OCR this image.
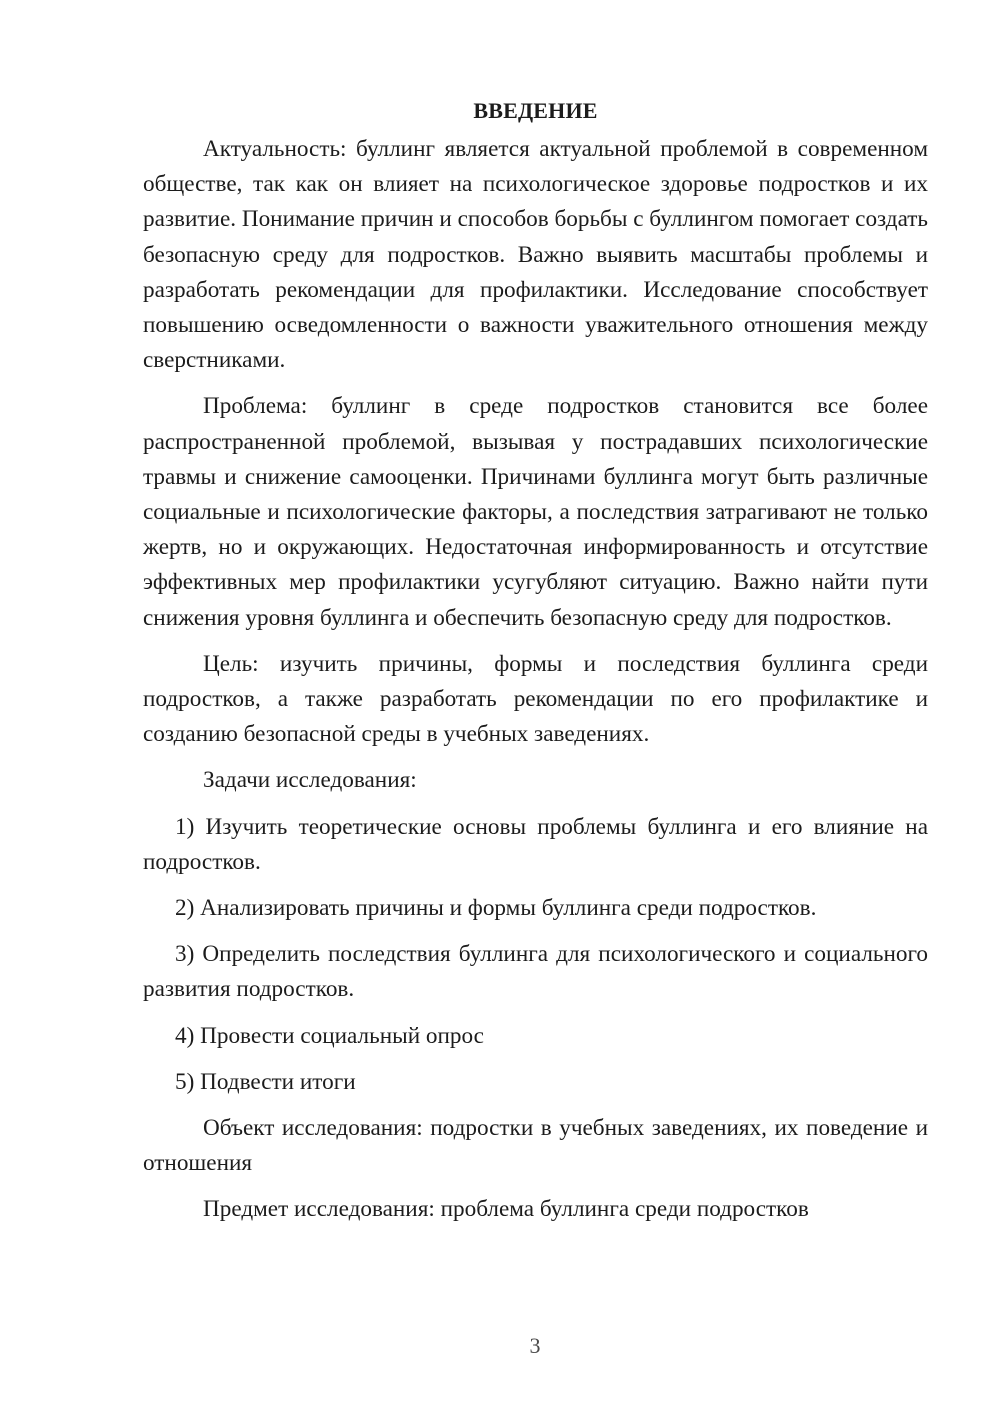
ВВЕДЕНИЕ

Актуальность: буллинг является актуальной проблемой в современном обществе, так как он влияет на психологическое здоровье подростков и их развитие. Понимание причин и способов борьбы с буллингом помогает создать безопасную среду для подростков. Важно выявить масштабы проблемы и разработать рекомендации для профилактики. Исследование способствует повышению осведомленности о важности уважительного отношения между сверстниками.

Проблема: буллинг в среде подростков становится все более распространенной проблемой, вызывая у пострадавших психологические травмы и снижение самооценки. Причинами буллинга могут быть различные социальные и психологические факторы, а последствия затрагивают не только жертв, но и окружающих. Недостаточная информированность и отсутствие эффективных мер профилактики усугубляют ситуацию. Важно найти пути снижения уровня буллинга и обеспечить безопасную среду для подростков.

Цель: изучить причины, формы и последствия буллинга среди подростков, а также разработать рекомендации по его профилактике и созданию безопасной среды в учебных заведениях.

Задачи исследования:

1) Изучить теоретические основы проблемы буллинга и его влияние на подростков.

2) Анализировать причины и формы буллинга среди подростков.

3) Определить последствия буллинга для психологического и социального развития подростков.

4) Провести социальный опрос

5) Подвести итоги

Объект исследования: подростки в учебных заведениях, их поведение и отношения

Предмет исследования: проблема буллинга среди подростков

3
